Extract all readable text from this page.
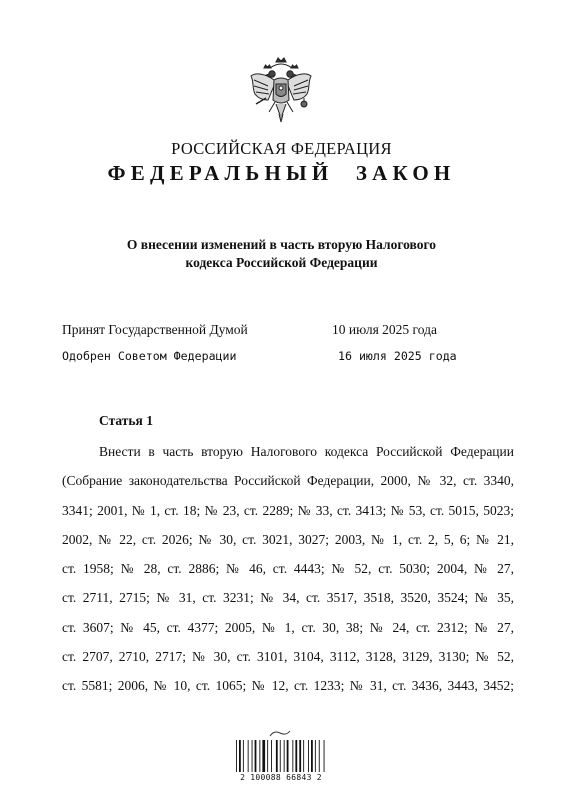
РОССИЙСКАЯ ФЕДЕРАЦИЯ
ФЕДЕРАЛЬНЫЙ ЗАКОН
О внесении изменений в часть вторую Налогового
кодекса Российской Федерации
Принят Государственной Думой	10 июля 2025 года
Одобрен Советом Федерации	16 июля 2025 года
Статья 1
Внести в часть вторую Налогового кодекса Российской Федерации
(Собрание законодательства Российской Федерации, 2000, № 32, ст. 3340,
3341; 2001, № 1, ст. 18; № 23, ст. 2289; № 33, ст. 3413; № 53, ст. 5015, 5023;
2002, № 22, ст. 2026; № 30, ст. 3021, 3027; 2003, № 1, ст. 2, 5, 6; № 21,
ст. 1958; № 28, ст. 2886; № 46, ст. 4443; № 52, ст. 5030; 2004, № 27,
ст. 2711, 2715; № 31, ст. 3231; № 34, ст. 3517, 3518, 3520, 3524; № 35,
ст. 3607; № 45, ст. 4377; 2005, № 1, ст. 30, 38; № 24, ст. 2312; № 27,
ст. 2707, 2710, 2717; № 30, ст. 3101, 3104, 3112, 3128, 3129, 3130; № 52,
ст. 5581; 2006, № 10, ст. 1065; № 12, ст. 1233; № 31, ст. 3436, 3443, 3452;
2 100088 66843 2
